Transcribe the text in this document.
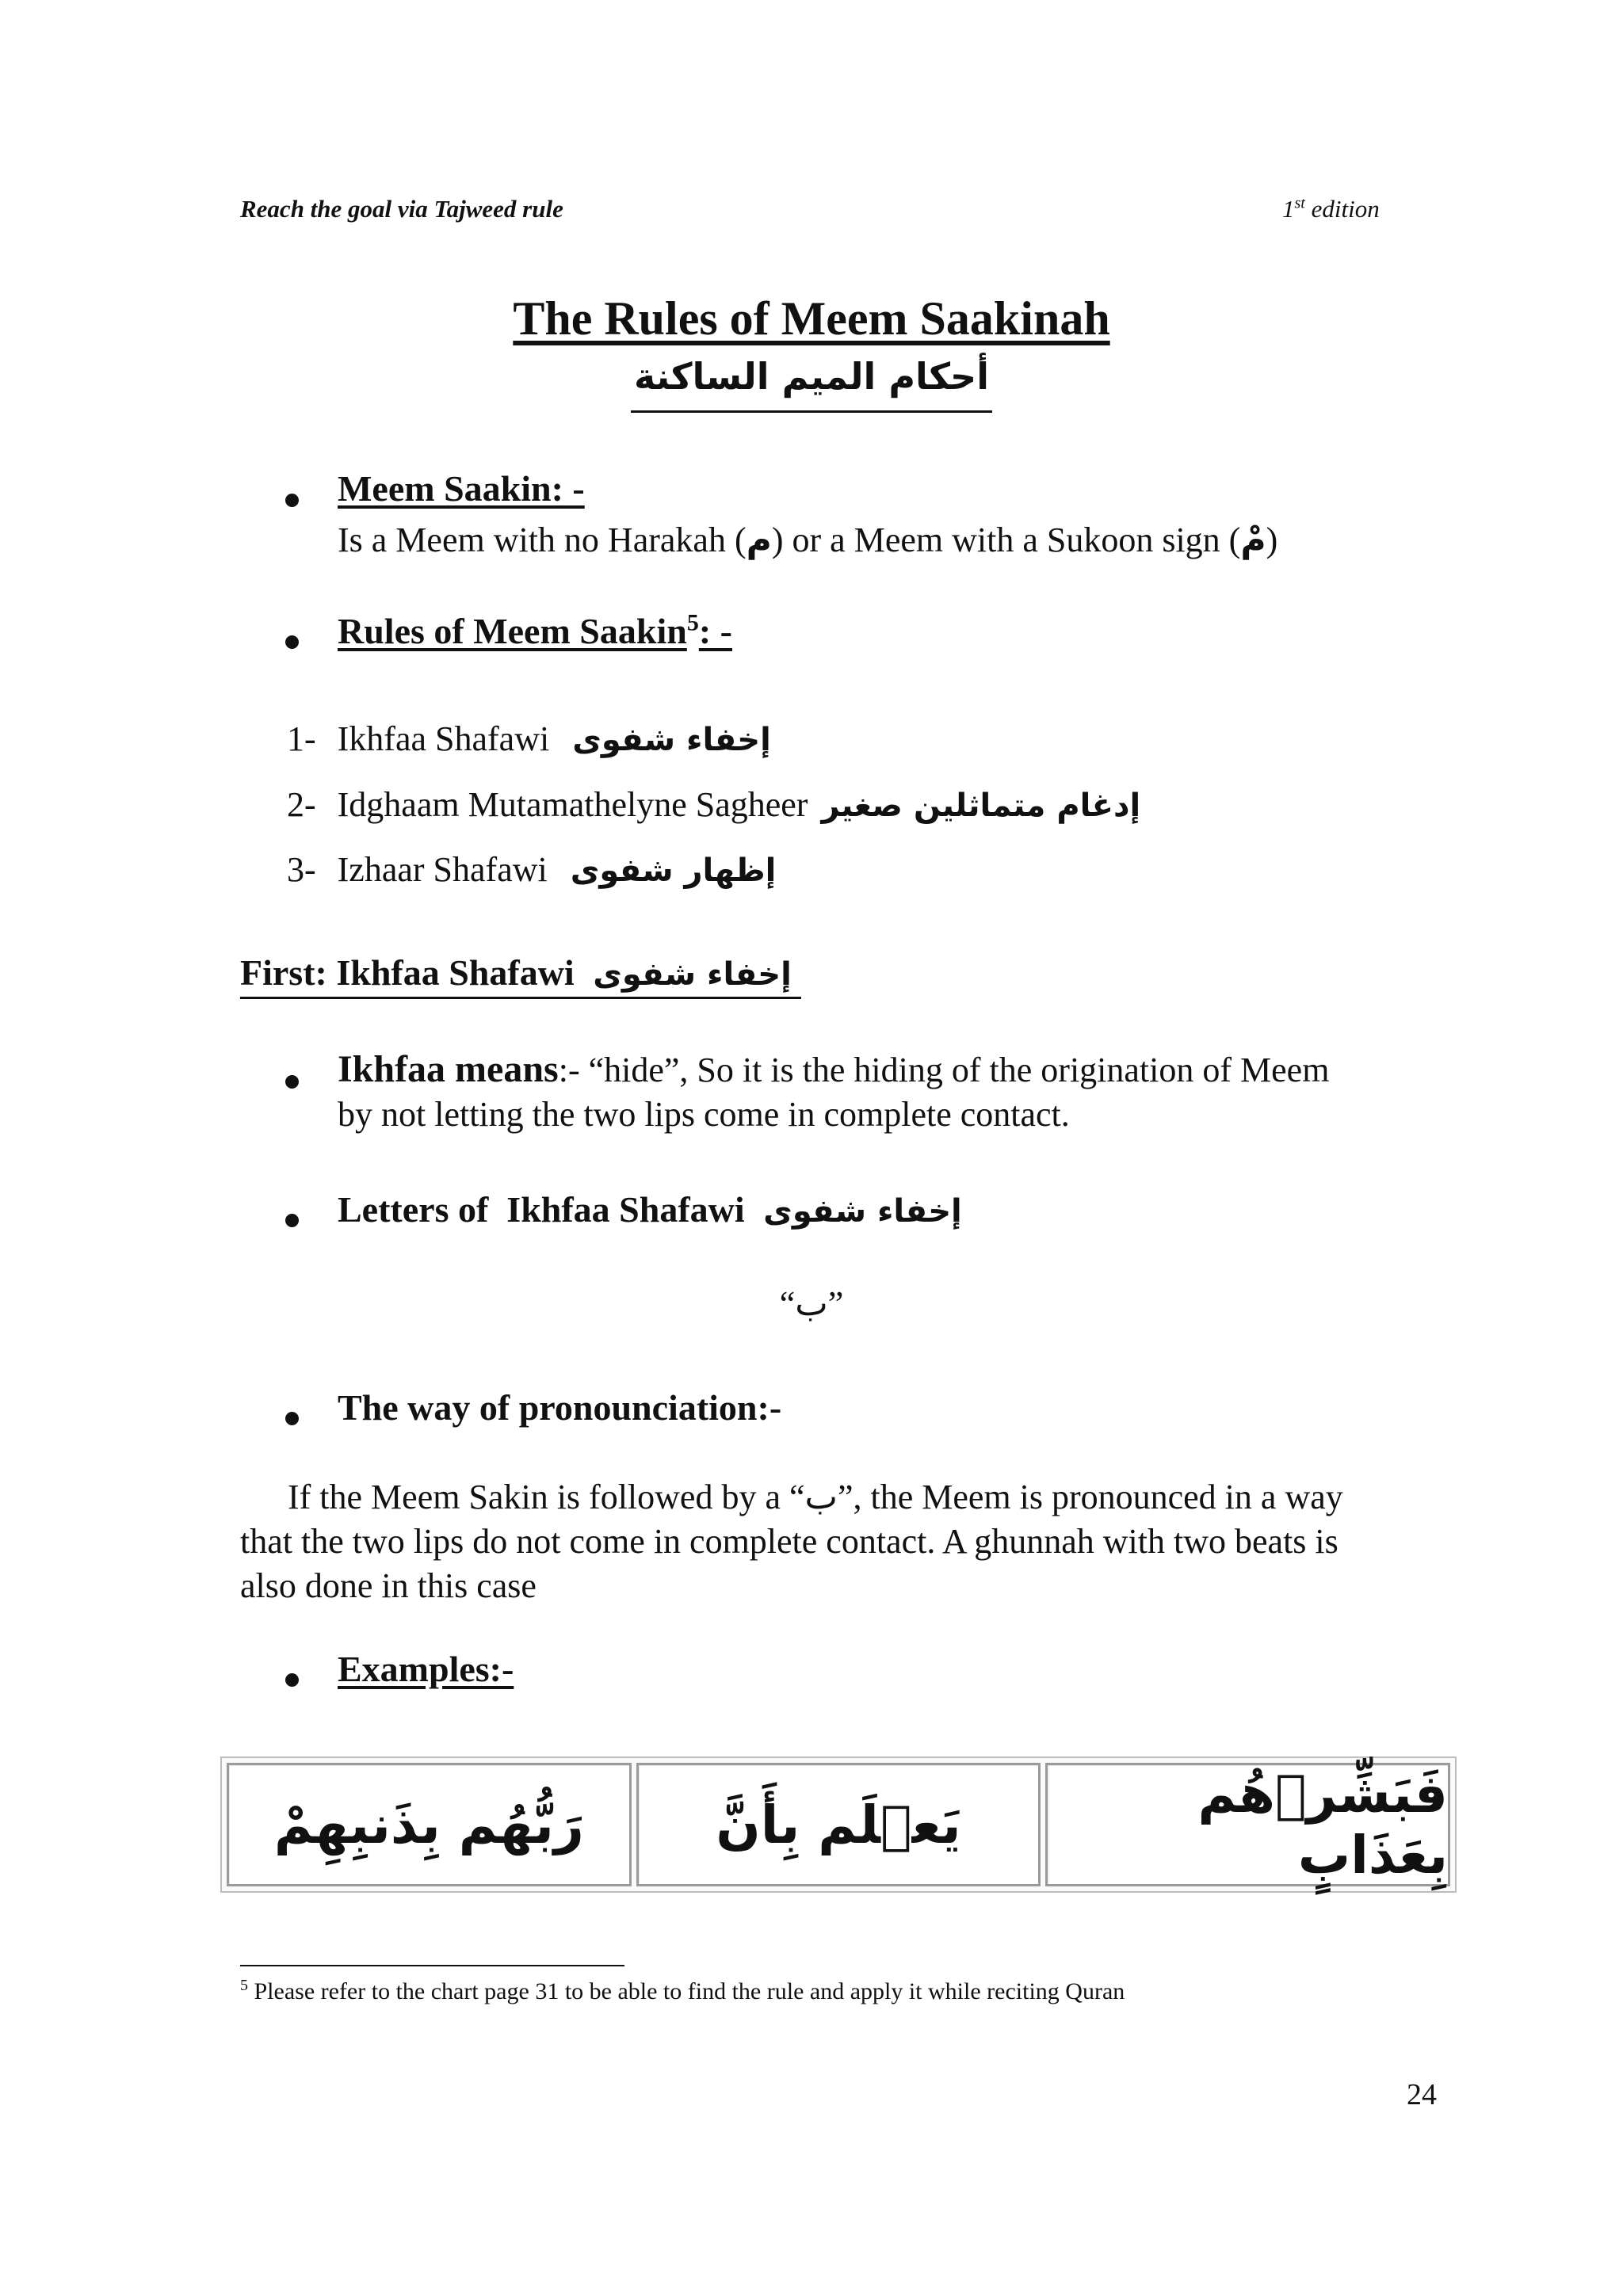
Reach the goal via Tajweed rule	1st edition
The Rules of Meem Saakinah
أحكام الميم الساكنة
Meem Saakin: -
Is a Meem with no Harakah (م) or a Meem with a Sukoon sign (مْ)
Rules of Meem Saakin$^5$: -
1- Ikhfaa Shafawi إخفاء شفوى
2- Idghaam Mutamathelyne Sagheer إدغام متماثلين صغير
3- Izhaar Shafawi إظهار شفوى
First: Ikhfaa Shafawi إخفاء شفوى
Ikhfaa means:- “hide”, So it is the hiding of the origination of Meem
by not letting the two lips come in complete contact.
Letters of  Ikhfaa Shafawi إخفاء شفوى
“ب”
The way of pronounciation:-
If the Meem Sakin is followed by a “ب”, the Meem is pronounced in a way
that the two lips do not come in complete contact. A ghunnah with two beats is
also done in this case
Examples:-
رَبُّهُم بِذَنبِهِمْ	يَعۡلَم بِأَنَّ	فَبَشِّرۡهُم بِعَذَابٍ
$^5$ Please refer to the chart page 31 to be able to find the rule and apply it while reciting Quran
24
